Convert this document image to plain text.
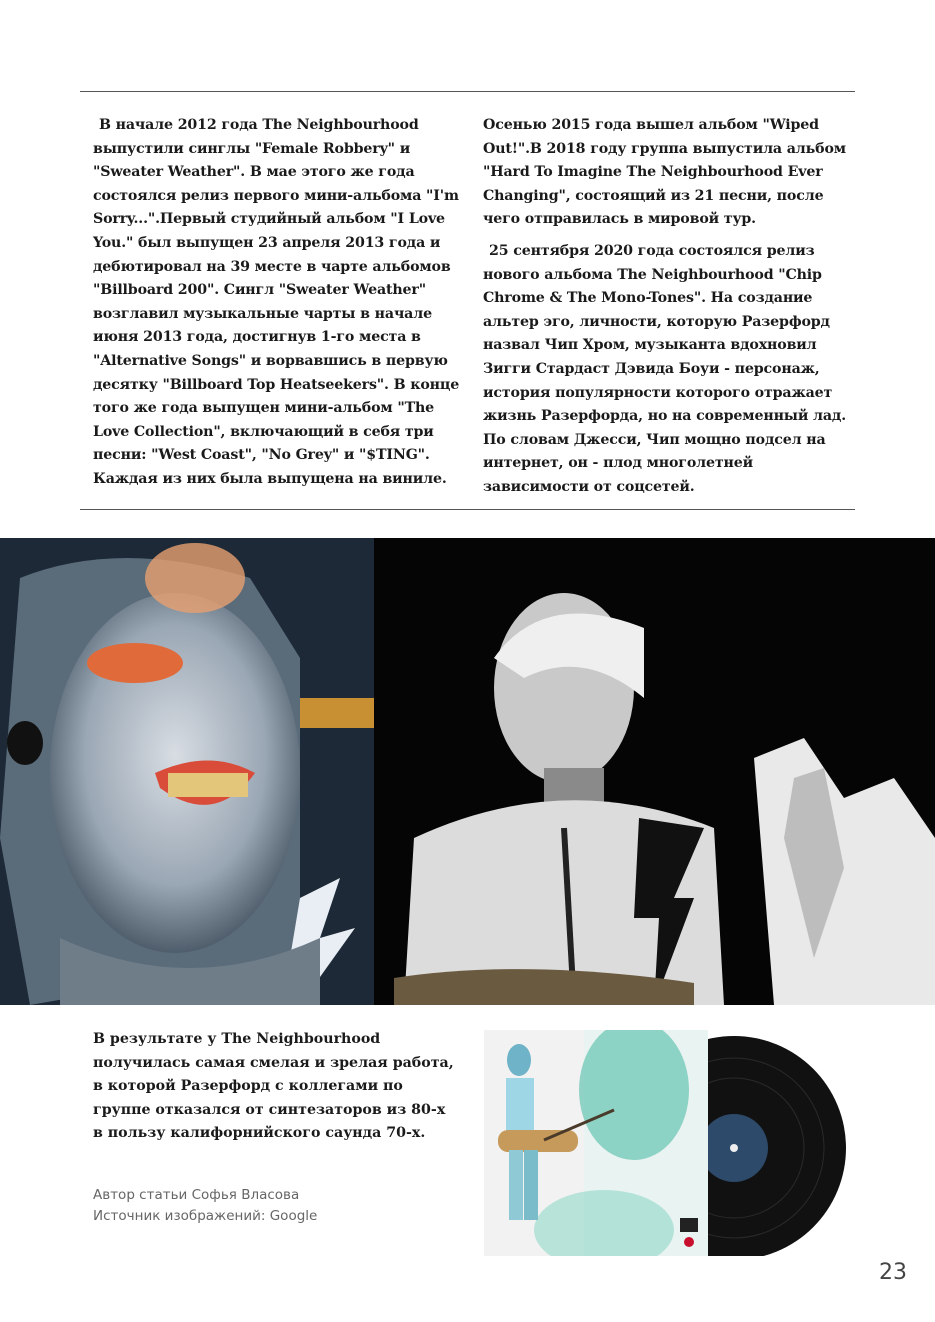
В начале 2012 года The Neighbourhood выпустили синглы "Female Robbery" и "Sweater Weather". В мае этого же года состоялся релиз первого мини-альбома "I'm Sorry...".Первый студийный альбом "I Love You." был выпущен 23 апреля 2013 года и дебютировал на 39 месте в чарте альбомов "Billboard 200". Сингл "Sweater Weather" возглавил музыкальные чарты в начале июня 2013 года, достигнув 1-го места в "Alternative Songs" и ворвавшись в первую десятку "Billboard Top Heatseekers". В конце того же года выпущен мини-альбом "The Love Collection", включающий в себя три песни: "West Coast", "No Grey" и "$TING". Каждая из них была выпущена на виниле.

Осенью 2015 года вышел альбом "Wiped Out!".В 2018 году группа выпустила альбом "Hard To Imagine The Neighbourhood Ever Changing", состоящий из 21 песни, после чего отправилась в мировой тур.

25 сентября 2020 года состоялся релиз нового альбома The Neighbourhood "Chip Chrome & The Mono-Tones". На создание альтер эго, личности, которую Разерфорд назвал Чип Хром, музыканта вдохновил Зигги Стардаст Дэвида Боуи - персонаж, история популярности которого отражает жизнь Разерфорда, но на современный лад. По словам Джесси, Чип мощно подсел на интернет, он - плод многолетней зависимости от соцсетей.

В результате у The Neighbourhood получилась самая смелая и зрелая работа, в которой Разерфорд с коллегами по группе отказался от синтезаторов из 80-х в пользу калифорнийского саунда 70-х.

Автор статьи Софья Власова
Источник изображений: Google
23
